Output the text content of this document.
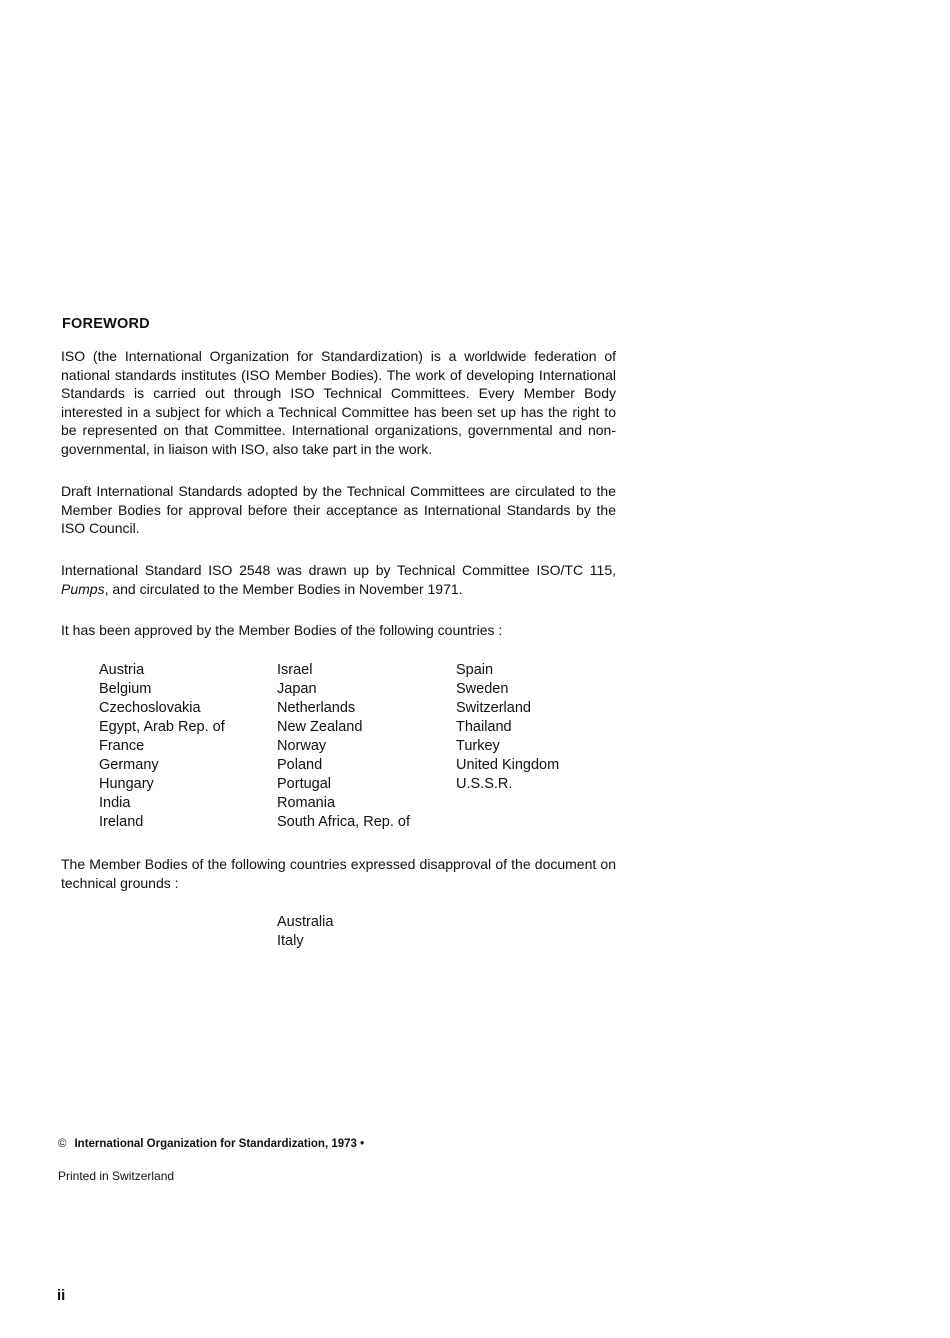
FOREWORD

ISO (the International Organization for Standardization) is a worldwide federation of national standards institutes (ISO Member Bodies). The work of developing International Standards is carried out through ISO Technical Committees. Every Member Body interested in a subject for which a Technical Committee has been set up has the right to be represented on that Committee. International organizations, governmental and non-governmental, in liaison with ISO, also take part in the work.

Draft International Standards adopted by the Technical Committees are circulated to the Member Bodies for approval before their acceptance as International Standards by the ISO Council.

International Standard ISO 2548 was drawn up by Technical Committee ISO/TC 115, Pumps, and circulated to the Member Bodies in November 1971.

It has been approved by the Member Bodies of the following countries :

Austria
Belgium
Czechoslovakia
Egypt, Arab Rep. of
France
Germany
Hungary
India
Ireland
Israel
Japan
Netherlands
New Zealand
Norway
Poland
Portugal
Romania
South Africa, Rep. of
Spain
Sweden
Switzerland
Thailand
Turkey
United Kingdom
U.S.S.R.

The Member Bodies of the following countries expressed disapproval of the document on technical grounds :

Australia
Italy
© International Organization for Standardization, 1973 •
Printed in Switzerland
ii
